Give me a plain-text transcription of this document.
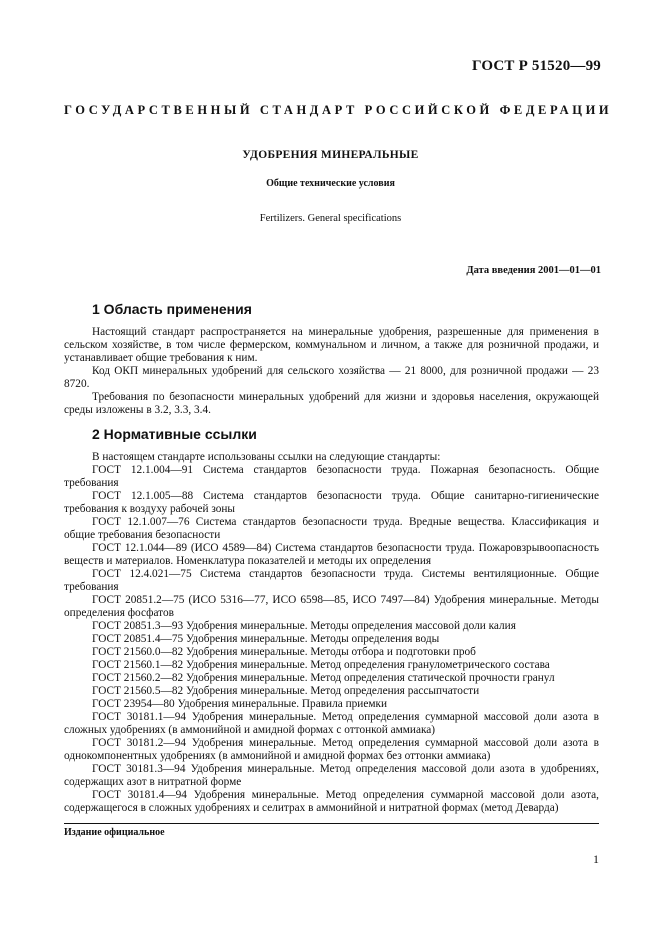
ГОСТ Р 51520—99
ГОСУДАРСТВЕННЫЙ СТАНДАРТ РОССИЙСКОЙ ФЕДЕРАЦИИ
УДОБРЕНИЯ МИНЕРАЛЬНЫЕ
Общие технические условия
Fertilizers. General specifications
Дата введения 2001—01—01
1 Область применения

Настоящий стандарт распространяется на минеральные удобрения, разрешенные для применения в сельском хозяйстве, в том числе фермерском, коммунальном и личном, а также для розничной продажи, и устанавливает общие требования к ним.

Код ОКП минеральных удобрений для сельского хозяйства — 21 8000, для розничной продажи — 23 8720.

Требования по безопасности минеральных удобрений для жизни и здоровья населения, окружающей среды изложены в 3.2, 3.3, 3.4.

2 Нормативные ссылки

В настоящем стандарте использованы ссылки на следующие стандарты:

ГОСТ 12.1.004—91 Система стандартов безопасности труда. Пожарная безопасность. Общие требования

ГОСТ 12.1.005—88 Система стандартов безопасности труда. Общие санитарно-гигиенические требования к воздуху рабочей зоны

ГОСТ 12.1.007—76 Система стандартов безопасности труда. Вредные вещества. Классификация и общие требования безопасности

ГОСТ 12.1.044—89 (ИСО 4589—84) Система стандартов безопасности труда. Пожаровзрывоопасность веществ и материалов. Номенклатура показателей и методы их определения

ГОСТ 12.4.021—75 Система стандартов безопасности труда. Системы вентиляционные. Общие требования

ГОСТ 20851.2—75 (ИСО 5316—77, ИСО 6598—85, ИСО 7497—84) Удобрения минеральные. Методы определения фосфатов

ГОСТ 20851.3—93 Удобрения минеральные. Методы определения массовой доли калия

ГОСТ 20851.4—75 Удобрения минеральные. Методы определения воды

ГОСТ 21560.0—82 Удобрения минеральные. Методы отбора и подготовки проб

ГОСТ 21560.1—82 Удобрения минеральные. Метод определения гранулометрического состава

ГОСТ 21560.2—82 Удобрения минеральные. Метод определения статической прочности гранул

ГОСТ 21560.5—82 Удобрения минеральные. Метод определения рассыпчатости

ГОСТ 23954—80 Удобрения минеральные. Правила приемки

ГОСТ 30181.1—94 Удобрения минеральные. Метод определения суммарной массовой доли азота в сложных удобрениях (в аммонийной и амидной формах с оттонкой аммиака)

ГОСТ 30181.2—94 Удобрения минеральные. Метод определения суммарной массовой доли азота в однокомпонентных удобрениях (в аммонийной и амидной формах без оттонки аммиака)

ГОСТ 30181.3—94 Удобрения минеральные. Метод определения массовой доли азота в удобрениях, содержащих азот в нитратной форме

ГОСТ 30181.4—94 Удобрения минеральные. Метод определения суммарной массовой доли азота, содержащегося в сложных удобрениях и селитрах в аммонийной и нитратной формах (метод Деварда)

Издание официальное
1
